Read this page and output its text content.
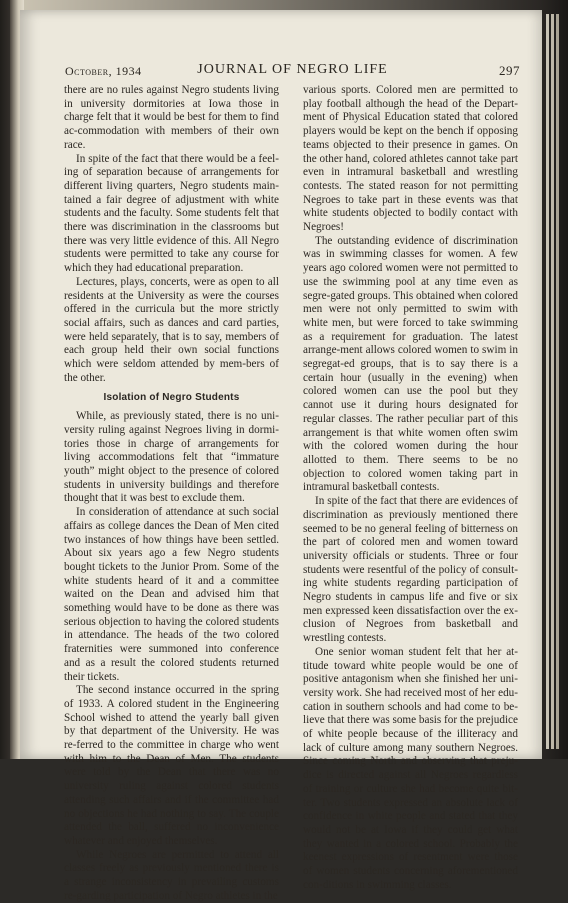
October, 1934	JOURNAL OF NEGRO LIFE	297

there are no rules against Negro students living in university dormitories at Iowa those in charge felt that it would be best for them to find ac-commodation with members of their own race.

In spite of the fact that there would be a feel-ing of separation because of arrangements for different living quarters, Negro students main-tained a fair degree of adjustment with white students and the faculty. Some students felt that there was discrimination in the classrooms but there was very little evidence of this. All Negro students were permitted to take any course for which they had educational preparation.

Lectures, plays, concerts, were as open to all residents at the University as were the courses offered in the curricula but the more strictly social affairs, such as dances and card parties, were held separately, that is to say, members of each group held their own social functions which were seldom attended by mem-bers of the other.

Isolation of Negro Students

While, as previously stated, there is no uni-versity ruling against Negroes living in dormi-tories those in charge of arrangements for living accommodations felt that “immature youth” might object to the presence of colored students in university buildings and therefore thought that it was best to exclude them.

In consideration of attendance at such social affairs as college dances the Dean of Men cited two instances of how things have been settled. About six years ago a few Negro students bought tickets to the Junior Prom. Some of the white students heard of it and a committee waited on the Dean and advised him that something would have to be done as there was serious objection to having the colored students in attendance. The heads of the two colored fraternities were summoned into conference and as a result the colored students returned their tickets.

The second instance occurred in the spring of 1933. A colored student in the Engineering School wished to attend the yearly ball given by that department of the University. He was re-ferred to the committee in charge who went with him to the Dean of Men. The students were told by the Dean that there was no university ruling against colored students attending such affairs and if the committee had no objections he had nothing to say. The couple attended the ball, suffered no inconvenience whatever and enjoyed themselves.

While Negroes are permitted to attend all classes freely as previously mentioned there is a strange inconsistency in prevailing customs re-garding participation of Negro athletes in the

various sports. Colored men are permitted to play football although the head of the Depart-ment of Physical Education stated that colored players would be kept on the bench if opposing teams objected to their presence in games. On the other hand, colored athletes cannot take part even in intramural basketball and wrestling contests. The stated reason for not permitting Negroes to take part in these events was that white students objected to bodily contact with Negroes!

The outstanding evidence of discrimination was in swimming classes for women. A few years ago colored women were not permitted to use the swimming pool at any time even as segre-gated groups. This obtained when colored men were not only permitted to swim with white men, but were forced to take swimming as a requirement for graduation. The latest arrange-ment allows colored women to swim in segregat-ed groups, that is to say there is a certain hour (usually in the evening) when colored women can use the pool but they cannot use it during hours designated for regular classes. The rather peculiar part of this arrangement is that white women often swim with the colored women during the hour allotted to them. There seems to be no objection to colored women taking part in intramural basketball contests.

In spite of the fact that there are evidences of discrimination as previously mentioned there seemed to be no general feeling of bitterness on the part of colored men and women toward university officials or students. Three or four students were resentful of the policy of consult-ing white students regarding participation of Negro students in campus life and five or six men expressed keen dissatisfaction over the ex-clusion of Negroes from basketball and wrestling contests.

One senior woman student felt that her at-titude toward white people would be one of positive antagonism when she finished her uni-versity work. She had received most of her edu-cation in southern schools and had come to be-lieve that there was some basis for the prejudice of white people because of the illiteracy and lack of culture among many southern Negroes. Since coming North and observing that preju-dice is directed against all Negroes regardless of training or culture she had become quite bit-ter. Two students expressed an absolute lack of confidence in white people and stated that they would not be at Iowa if they could get what they wanted in a colored school. Probably the keenest expressions of resentment were those of women students concerning aforementioned con-ditions in swimming classes.
